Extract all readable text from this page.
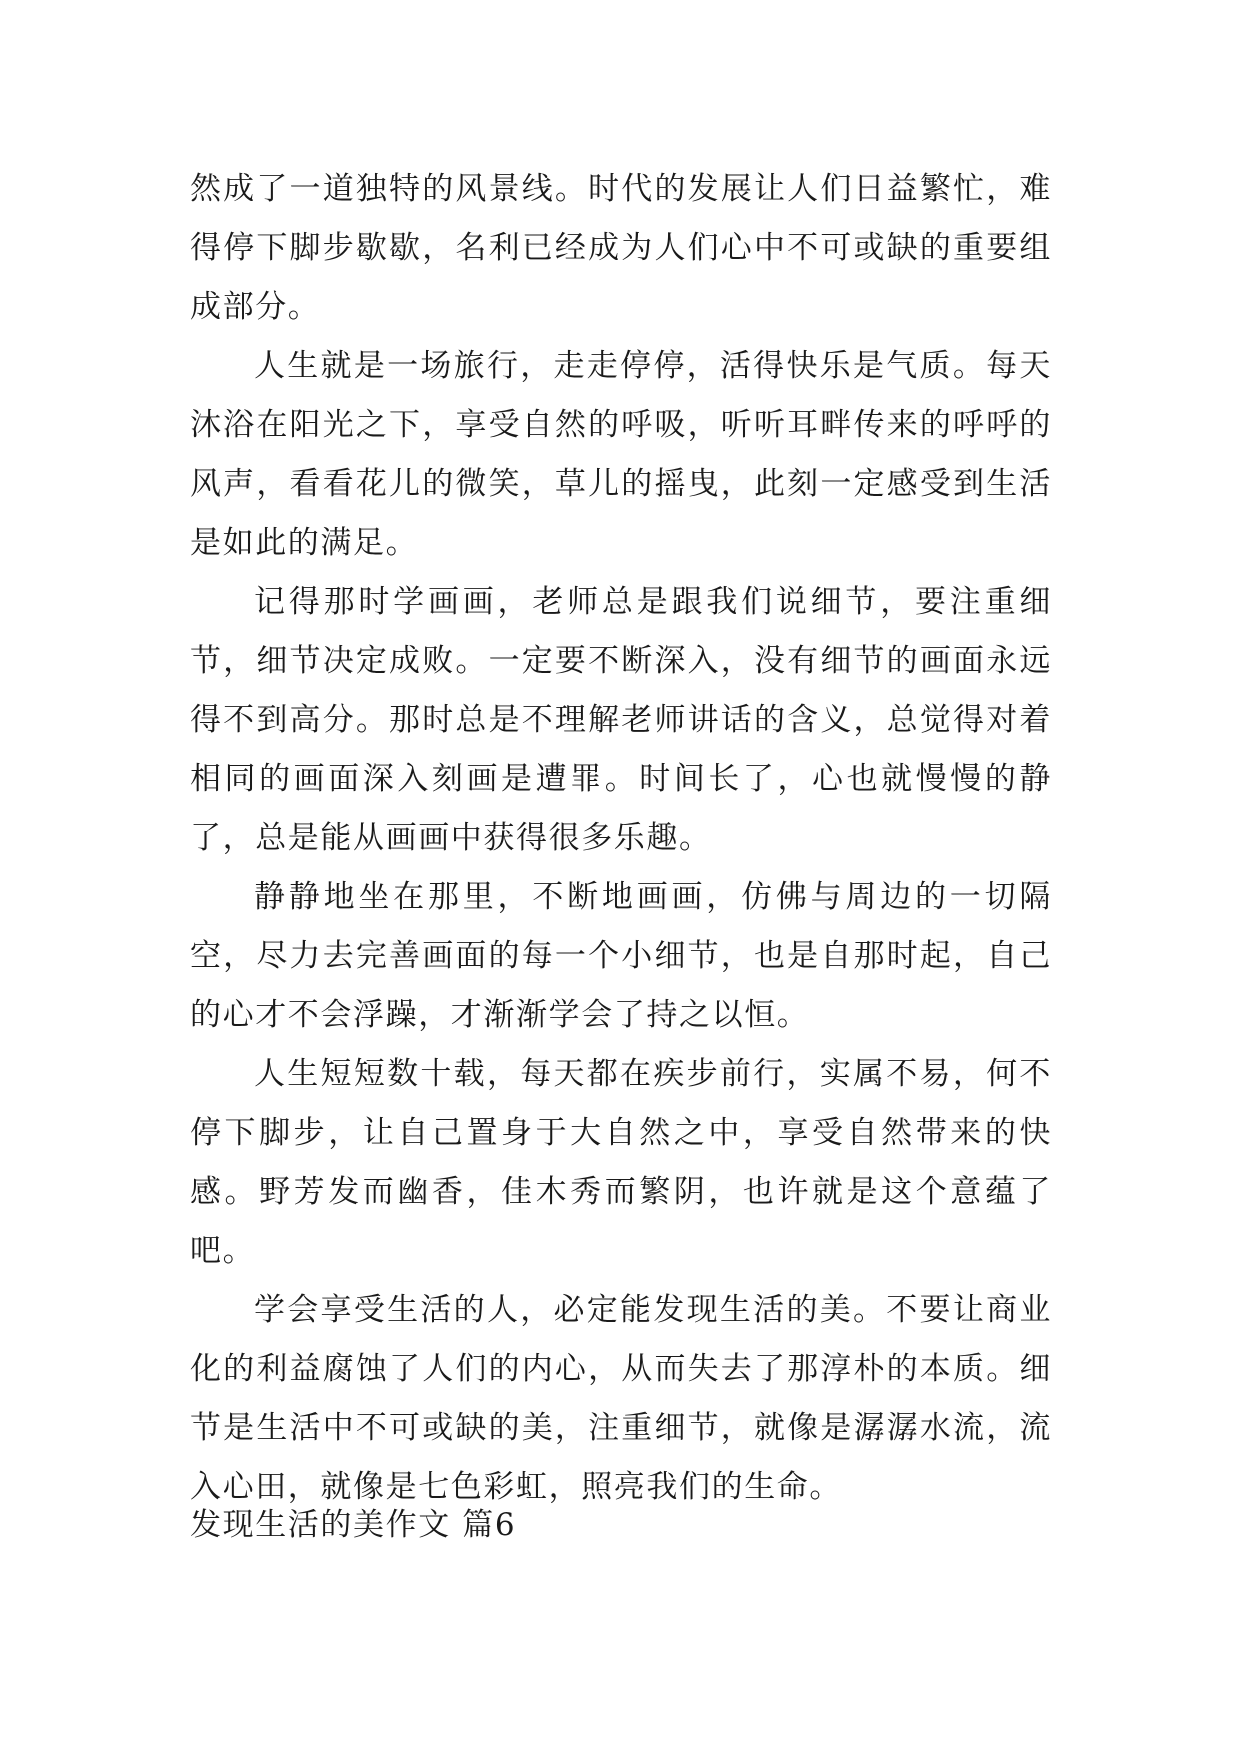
然成了一道独特的风景线。时代的发展让人们日益繁忙，难得停下脚步歇歇，名利已经成为人们心中不可或缺的重要组成部分。

人生就是一场旅行，走走停停，活得快乐是气质。每天沐浴在阳光之下，享受自然的呼吸，听听耳畔传来的呼呼的风声，看看花儿的微笑，草儿的摇曳，此刻一定感受到生活是如此的满足。

记得那时学画画，老师总是跟我们说细节，要注重细节，细节决定成败。一定要不断深入，没有细节的画面永远得不到高分。那时总是不理解老师讲话的含义，总觉得对着相同的画面深入刻画是遭罪。时间长了，心也就慢慢的静了，总是能从画画中获得很多乐趣。

静静地坐在那里，不断地画画，仿佛与周边的一切隔空，尽力去完善画面的每一个小细节，也是自那时起，自己的心才不会浮躁，才渐渐学会了持之以恒。

人生短短数十载，每天都在疾步前行，实属不易，何不停下脚步，让自己置身于大自然之中，享受自然带来的快感。野芳发而幽香，佳木秀而繁阴，也许就是这个意蕴了吧。

学会享受生活的人，必定能发现生活的美。不要让商业化的利益腐蚀了人们的内心，从而失去了那淳朴的本质。细节是生活中不可或缺的美，注重细节，就像是潺潺水流，流入心田，就像是七色彩虹，照亮我们的生命。

发现生活的美作文 篇6
